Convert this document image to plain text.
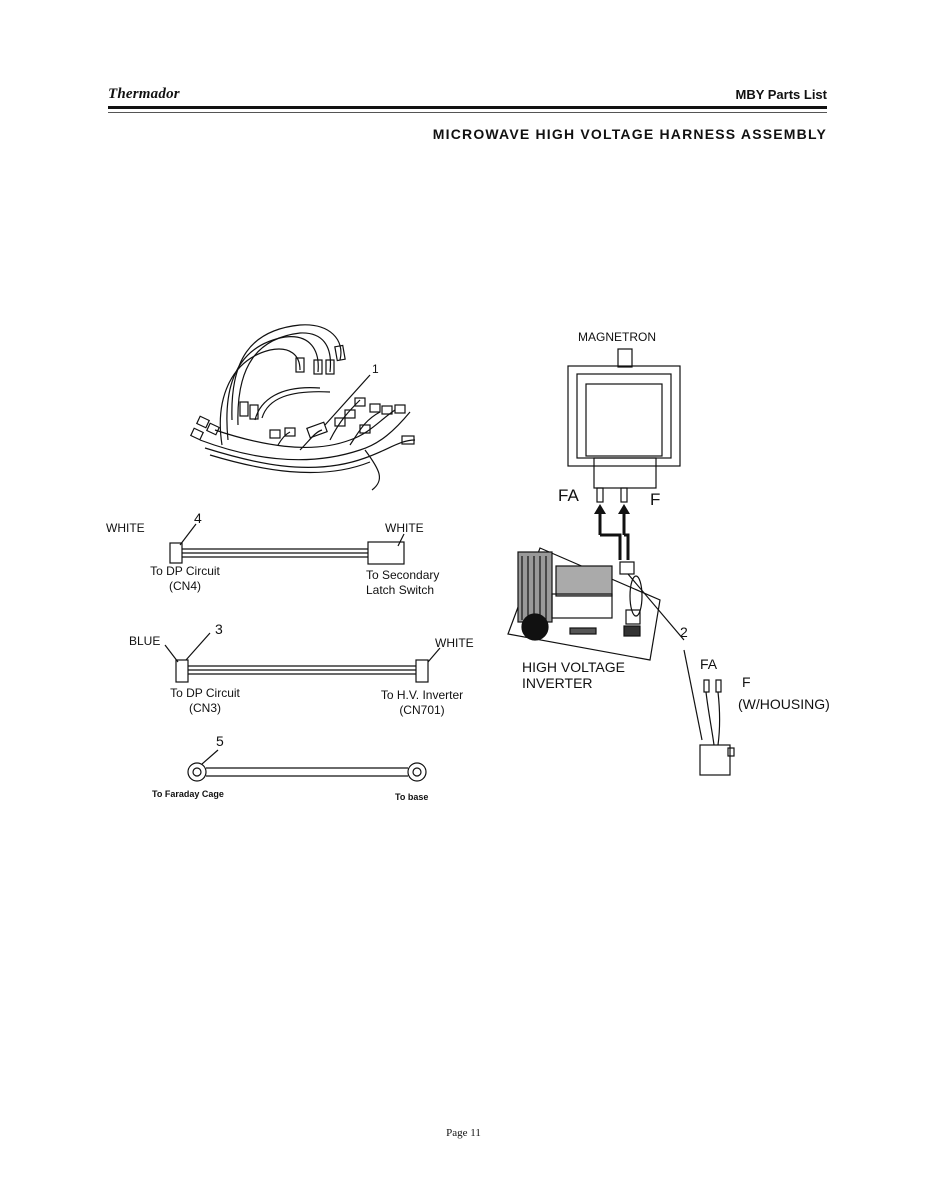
Thermador	MBY Parts List
MICROWAVE HIGH VOLTAGE HARNESS ASSEMBLY
1
4
3
5
2
WHITE	WHITE
To DP Circuit
(CN4)
To Secondary
Latch Switch
BLUE	WHITE
To DP Circuit
(CN3)
To H.V. Inverter
(CN701)
To Faraday Cage	To base
MAGNETRON
FA	F
HIGH VOLTAGE
INVERTER
FA
F
(W/HOUSING)
Page 11
